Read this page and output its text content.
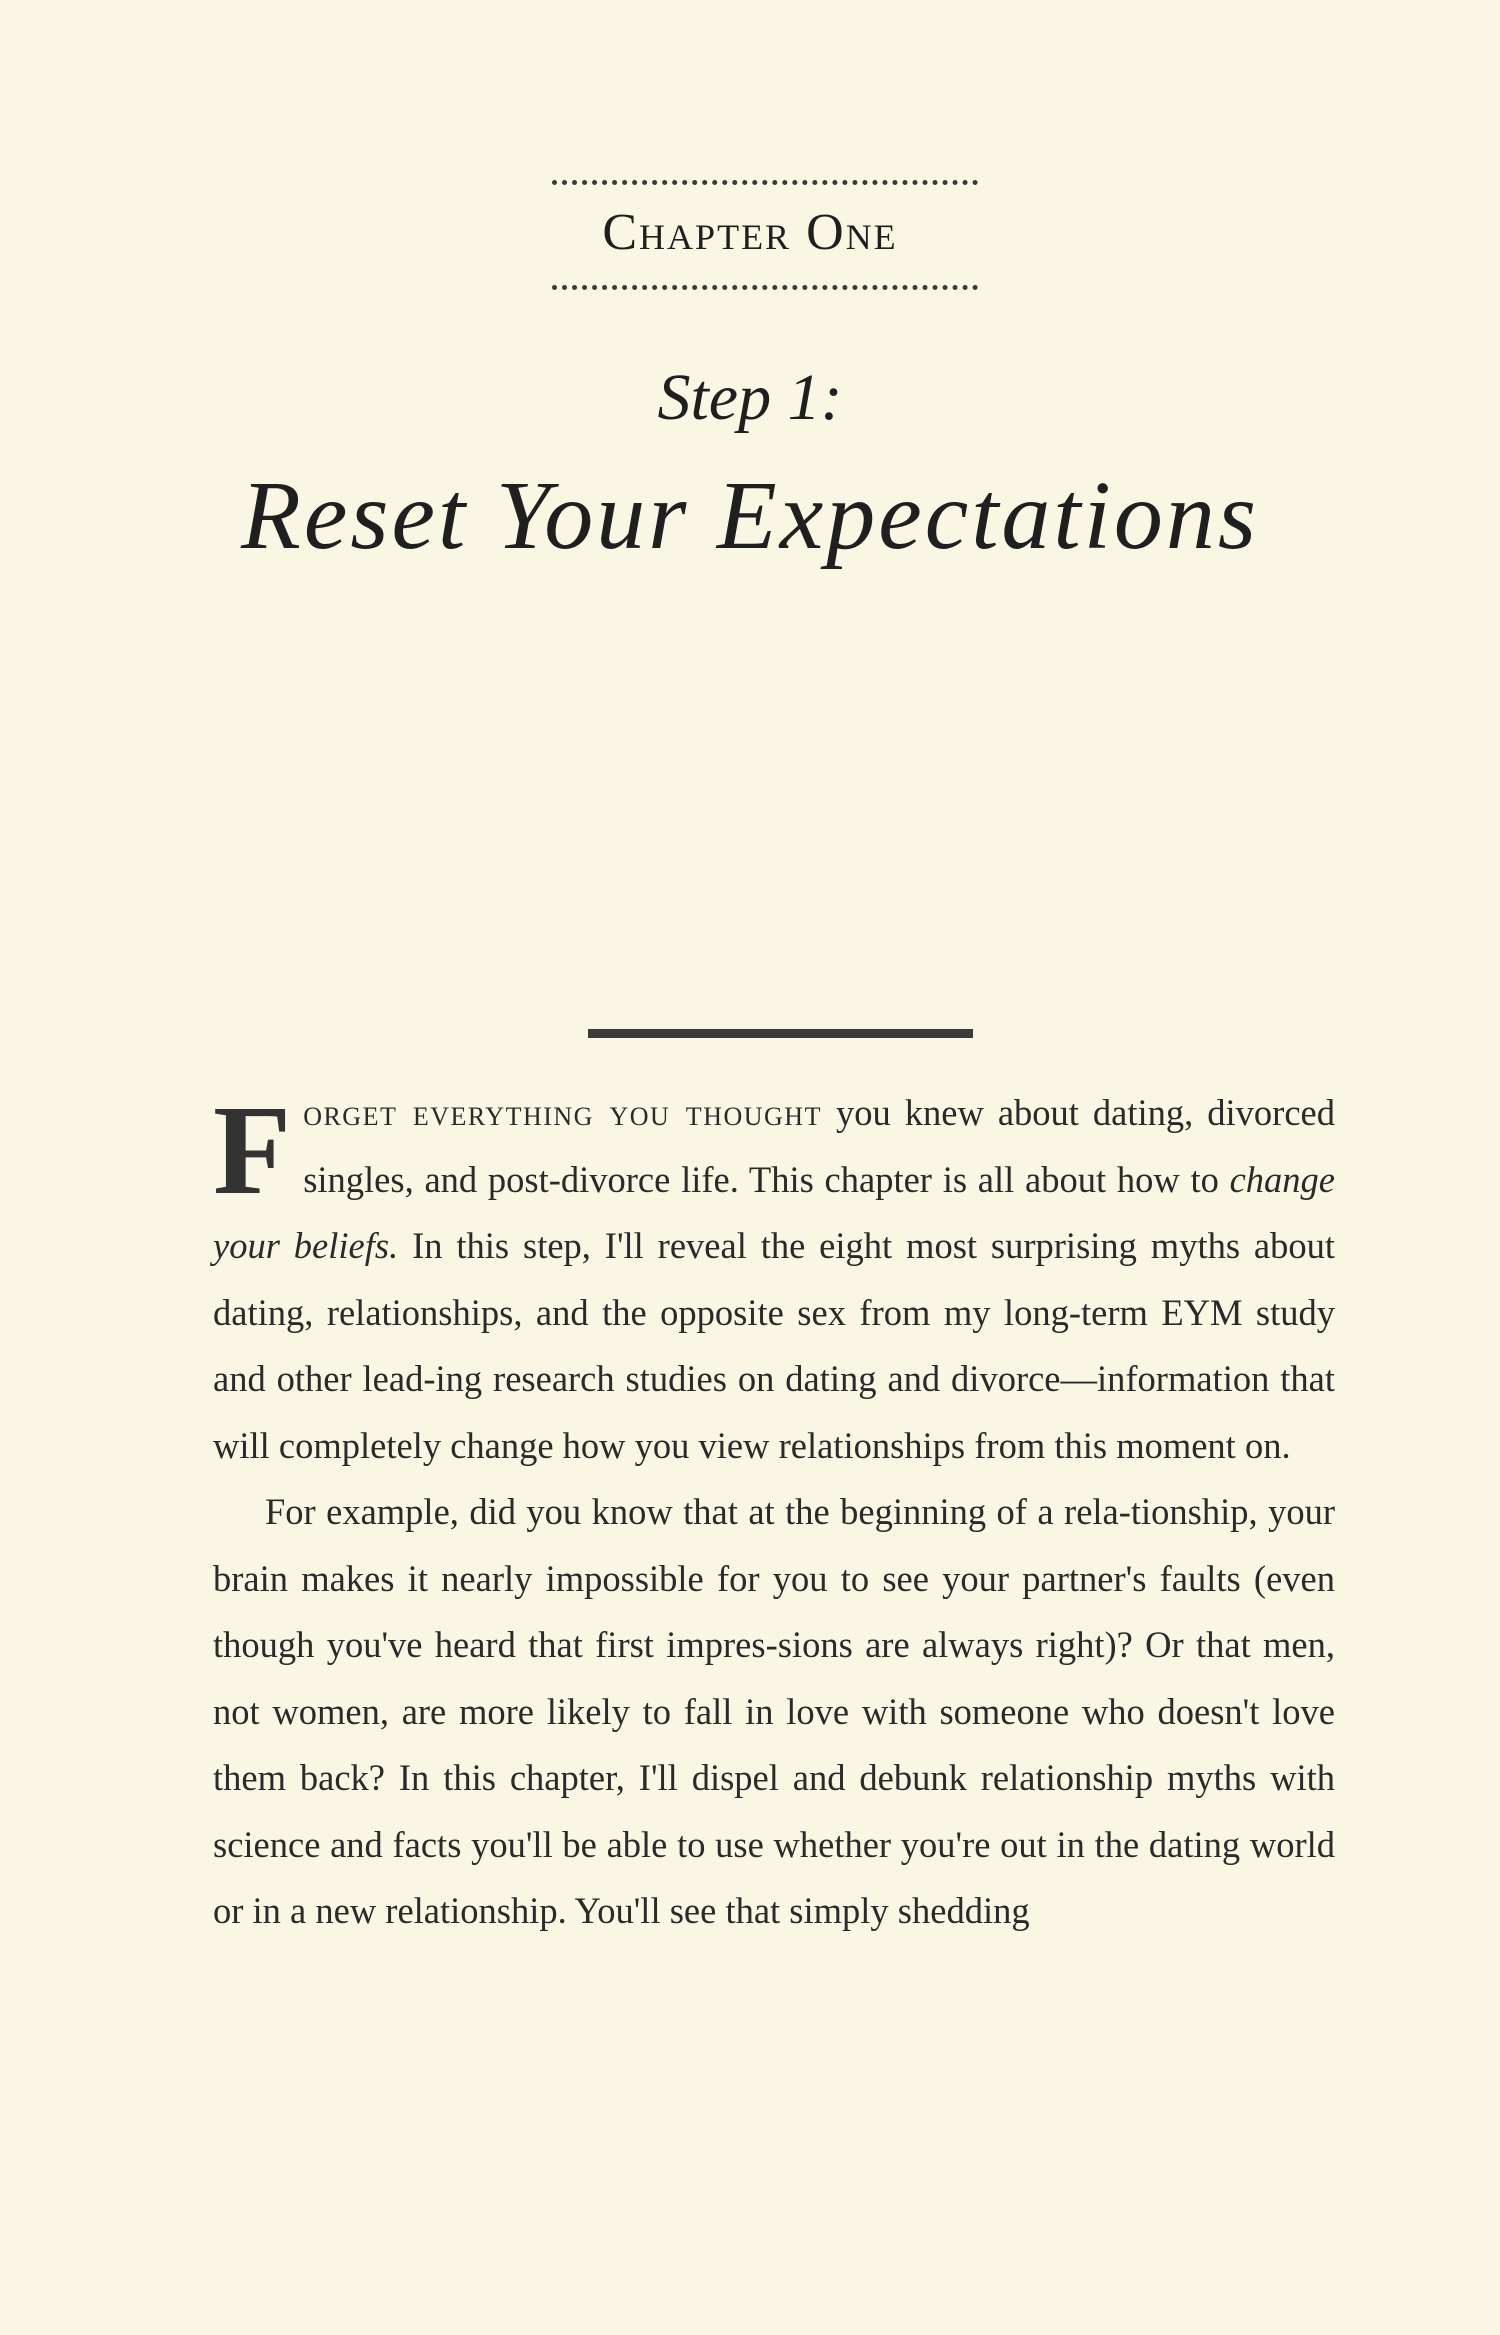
Chapter One
Step 1:
Reset Your Expectations

Forget everything you thought you knew about dating, divorced singles, and post-divorce life. This chapter is all about how to change your beliefs. In this step, I'll reveal the eight most surprising myths about dating, relationships, and the opposite sex from my long-term EYM study and other lead-ing research studies on dating and divorce—information that will completely change how you view relationships from this moment on.

For example, did you know that at the beginning of a rela-tionship, your brain makes it nearly impossible for you to see your partner's faults (even though you've heard that first impres-sions are always right)? Or that men, not women, are more likely to fall in love with someone who doesn't love them back? In this chapter, I'll dispel and debunk relationship myths with science and facts you'll be able to use whether you're out in the dating world or in a new relationship. You'll see that simply shedding
